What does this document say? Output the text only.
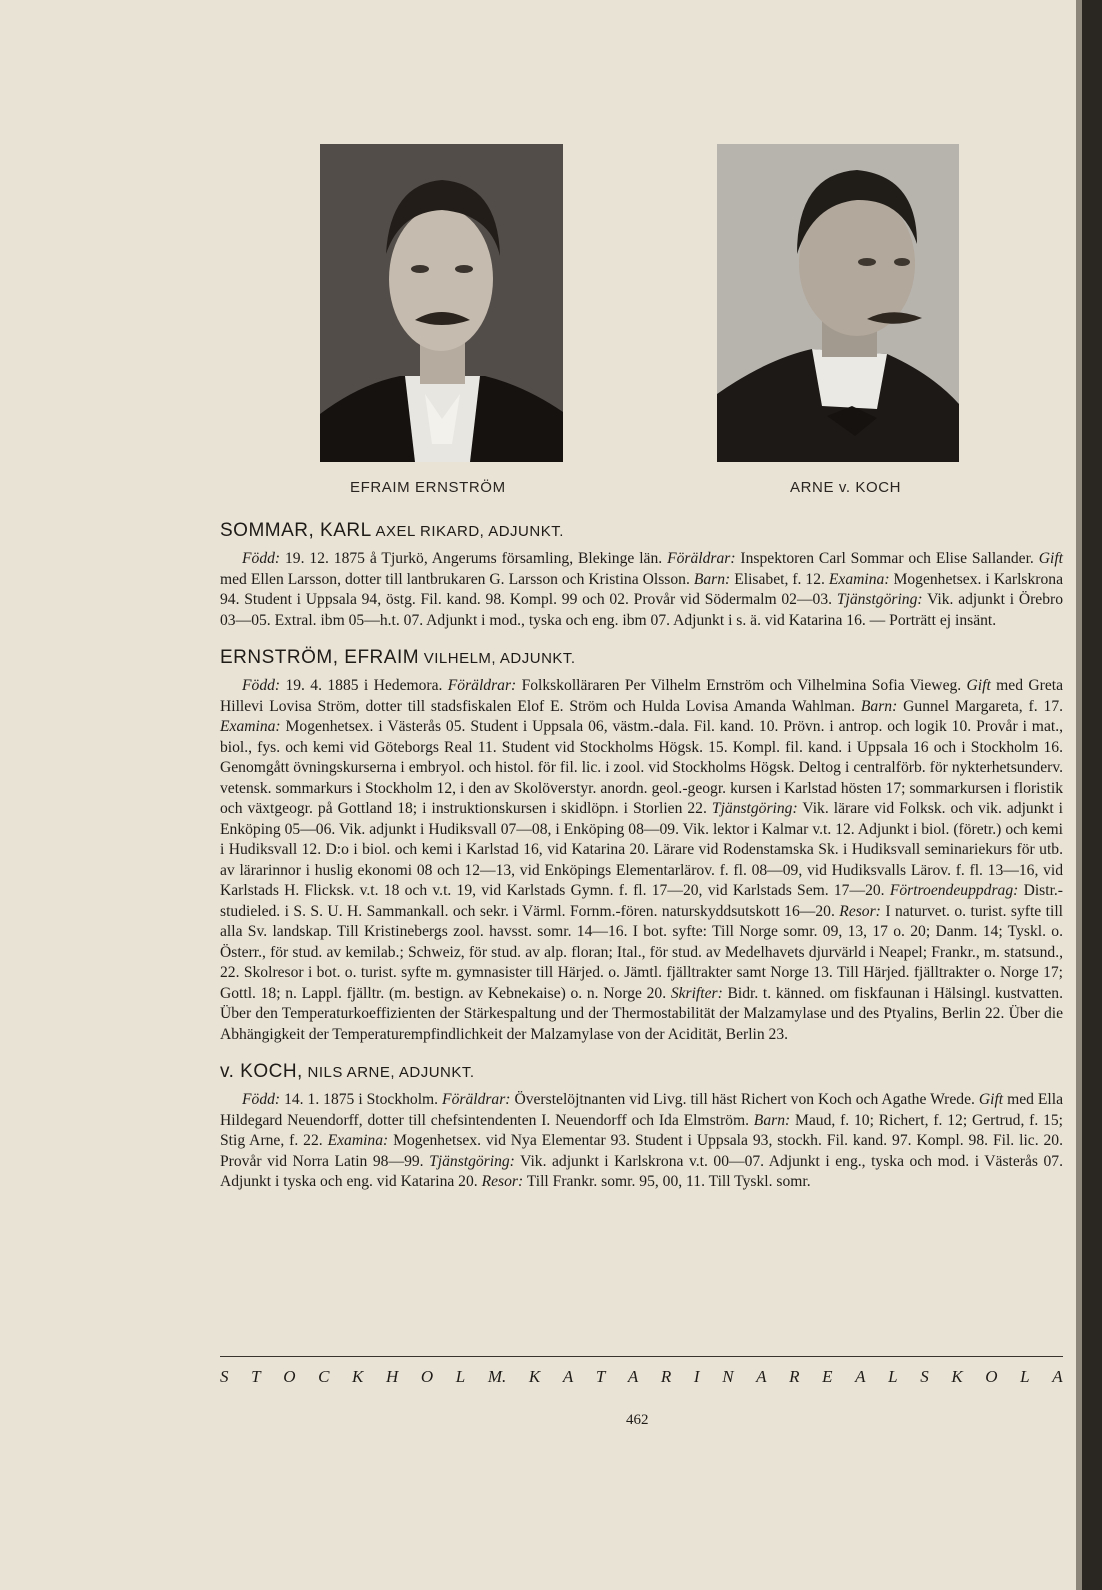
EFRAIM ERNSTRÖM	ARNE v. KOCH
SOMMAR, KARL AXEL RIKARD, ADJUNKT.

Född: 19. 12. 1875 å Tjurkö, Angerums församling, Blekinge län. Föräldrar: Inspektoren Carl Sommar och Elise Sallander. Gift med Ellen Larsson, dotter till lantbrukaren G. Larsson och Kristina Olsson. Barn: Elisabet, f. 12. Examina: Mogenhetsex. i Karlskrona 94. Student i Uppsala 94, östg. Fil. kand. 98. Kompl. 99 och 02. Provår vid Södermalm 02—03. Tjänstgöring: Vik. adjunkt i Örebro 03—05. Extral. ibm 05—h.t. 07. Adjunkt i mod., tyska och eng. ibm 07. Adjunkt i s. ä. vid Katarina 16. — Porträtt ej insänt.

ERNSTRÖM, EFRAIM VILHELM, ADJUNKT.

Född: 19. 4. 1885 i Hedemora. Föräldrar: Folkskolläraren Per Vilhelm Ernström och Vilhelmina Sofia Vieweg. Gift med Greta Hillevi Lovisa Ström, dotter till stadsfiskalen Elof E. Ström och Hulda Lovisa Amanda Wahlman. Barn: Gunnel Margareta, f. 17. Examina: Mogenhetsex. i Västerås 05. Student i Uppsala 06, västm.-dala. Fil. kand. 10. Prövn. i antrop. och logik 10. Provår i mat., biol., fys. och kemi vid Göteborgs Real 11. Student vid Stockholms Högsk. 15. Kompl. fil. kand. i Uppsala 16 och i Stockholm 16. Genomgått övningskurserna i embryol. och histol. för fil. lic. i zool. vid Stockholms Högsk. Deltog i centralförb. för nykterhetsunderv. vetensk. sommarkurs i Stockholm 12, i den av Skolöverstyr. anordn. geol.-geogr. kursen i Karlstad hösten 17; sommarkursen i floristik och växtgeogr. på Gottland 18; i instruktionskursen i skidlöpn. i Storlien 22. Tjänstgöring: Vik. lärare vid Folksk. och vik. adjunkt i Enköping 05—06. Vik. adjunkt i Hudiksvall 07—08, i Enköping 08—09. Vik. lektor i Kalmar v.t. 12. Adjunkt i biol. (företr.) och kemi i Hudiksvall 12. D:o i biol. och kemi i Karlstad 16, vid Katarina 20. Lärare vid Rodenstamska Sk. i Hudiksvall seminariekurs för utb. av lärarinnor i huslig ekonomi 08 och 12—13, vid Enköpings Elementarlärov. f. fl. 08—09, vid Hudiksvalls Lärov. f. fl. 13—16, vid Karlstads H. Flicksk. v.t. 18 och v.t. 19, vid Karlstads Gymn. f. fl. 17—20, vid Karlstads Sem. 17—20. Förtroendeuppdrag: Distr.-studieled. i S. S. U. H. Sammankall. och sekr. i Värml. Fornm.-fören. naturskyddsutskott 16—20. Resor: I naturvet. o. turist. syfte till alla Sv. landskap. Till Kristinebergs zool. havsst. somr. 14—16. I bot. syfte: Till Norge somr. 09, 13, 17 o. 20; Danm. 14; Tyskl. o. Österr., för stud. av kemilab.; Schweiz, för stud. av alp. floran; Ital., för stud. av Medelhavets djurvärld i Neapel; Frankr., m. statsund., 22. Skolresor i bot. o. turist. syfte m. gymnasister till Härjed. o. Jämtl. fjälltrakter samt Norge 13. Till Härjed. fjälltrakter o. Norge 17; Gottl. 18; n. Lappl. fjälltr. (m. bestign. av Kebnekaise) o. n. Norge 20. Skrifter: Bidr. t. känned. om fiskfaunan i Hälsingl. kustvatten. Über den Temperaturkoeffizienten der Stärkespaltung und der Thermostabilität der Malzamylase und des Ptyalins, Berlin 22. Über die Abhängigkeit der Temperaturempfindlichkeit der Malzamylase von der Acidität, Berlin 23.

v. KOCH, NILS ARNE, ADJUNKT.

Född: 14. 1. 1875 i Stockholm. Föräldrar: Överstelöjtnanten vid Livg. till häst Richert von Koch och Agathe Wrede. Gift med Ella Hildegard Neuendorff, dotter till chefsintendenten I. Neuendorff och Ida Elmström. Barn: Maud, f. 10; Richert, f. 12; Gertrud, f. 15; Stig Arne, f. 22. Examina: Mogenhetsex. vid Nya Elementar 93. Student i Uppsala 93, stockh. Fil. kand. 97. Kompl. 98. Fil. lic. 20. Provår vid Norra Latin 98—99. Tjänstgöring: Vik. adjunkt i Karlskrona v.t. 00—07. Adjunkt i eng., tyska och mod. i Västerås 07. Adjunkt i tyska och eng. vid Katarina 20. Resor: Till Frankr. somr. 95, 00, 11. Till Tyskl. somr.

S T O C K H O L M. K A T A R I N A R E A L S K O L A
462
